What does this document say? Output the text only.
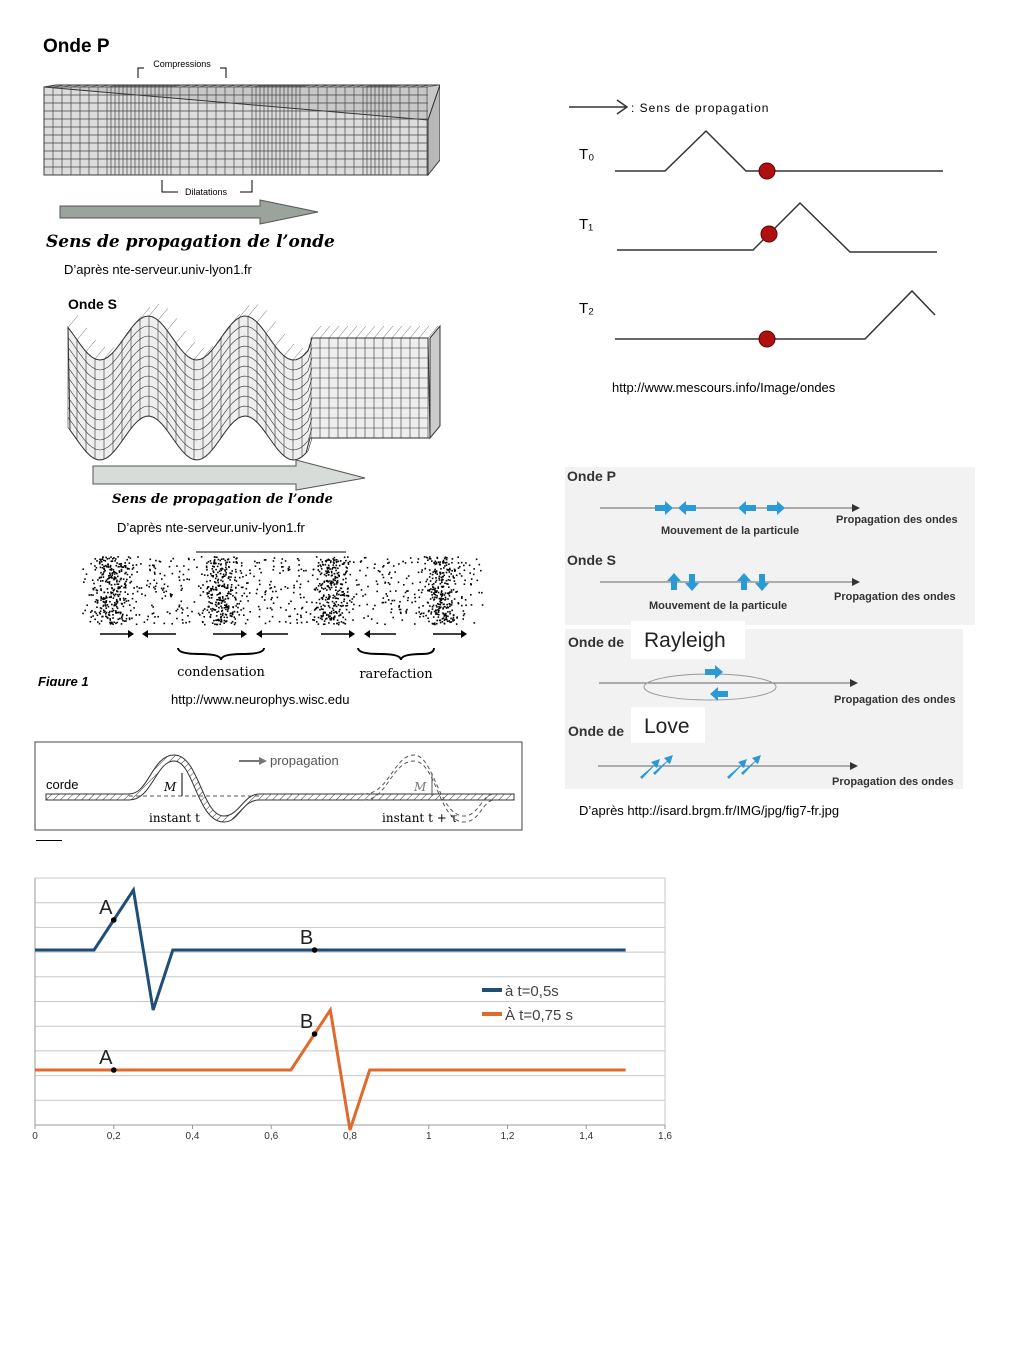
Onde P
Compressions
Dilatations
Sens de propagation de l’onde
D’après nte-serveur.univ-lyon1.fr
Onde S
Sens de propagation de l’onde
D’après nte-serveur.univ-lyon1.fr
condensation	rarefaction
Figure 1
http://www.neurophys.wisc.edu
corde	M	M
propagation
instant t	instant t + τ
: Sens de propagation
T₀
T₁
T₂
http://www.mescours.info/Image/ondes
Onde P
Onde S
Onde de
Onde de
Rayleigh
Love
Mouvement de la particule
Mouvement de la particule
Propagation des ondes
Propagation des ondes
Propagation des ondes
Propagation des ondes
D’après http://isard.brgm.fr/IMG/jpg/fig7-fr.jpg
0	0,2	0,4	0,6	0,8	1	1,2	1,4	1,6
A
B
A
B
à t=0,5s
À t=0,75 s
